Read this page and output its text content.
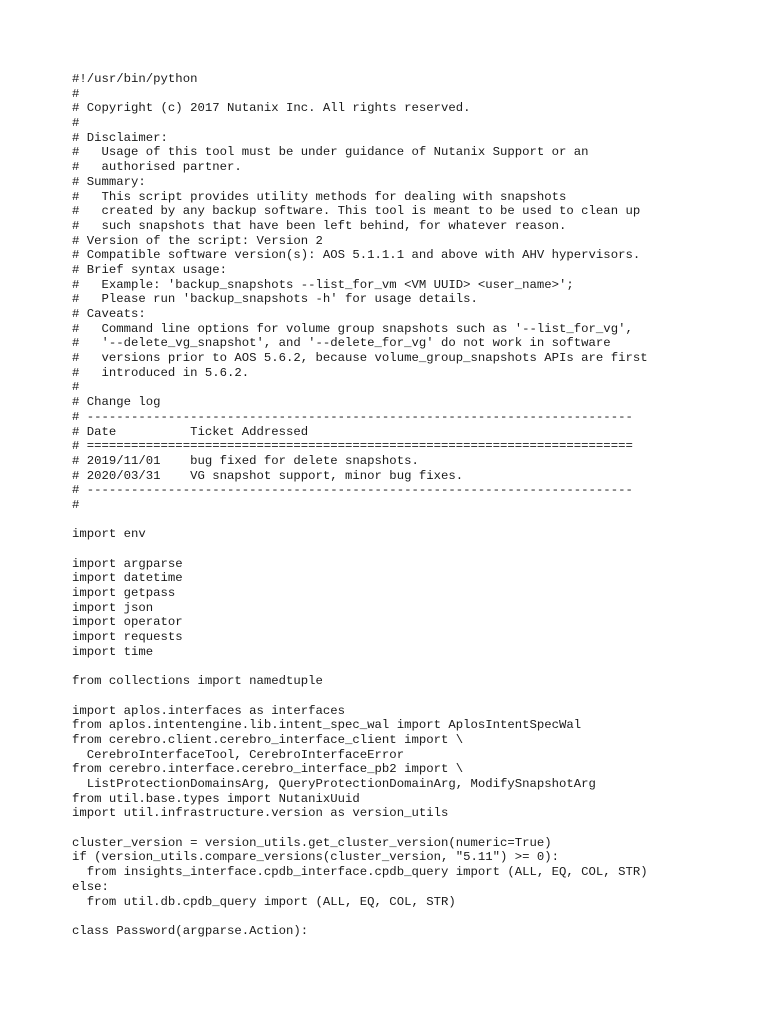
#!/usr/bin/python
#
# Copyright (c) 2017 Nutanix Inc. All rights reserved.
#
# Disclaimer:
#   Usage of this tool must be under guidance of Nutanix Support or an
#   authorised partner.
# Summary:
#   This script provides utility methods for dealing with snapshots
#   created by any backup software. This tool is meant to be used to clean up
#   such snapshots that have been left behind, for whatever reason.
# Version of the script: Version 2
# Compatible software version(s): AOS 5.1.1.1 and above with AHV hypervisors.
# Brief syntax usage:
#   Example: 'backup_snapshots --list_for_vm <VM UUID> <user_name>';
#   Please run 'backup_snapshots -h' for usage details.
# Caveats:
#   Command line options for volume group snapshots such as '--list_for_vg',
#   '--delete_vg_snapshot', and '--delete_for_vg' do not work in software
#   versions prior to AOS 5.6.2, because volume_group_snapshots APIs are first
#   introduced in 5.6.2.
#
# Change log
# --------------------------------------------------------------------------
# Date          Ticket Addressed
# ==========================================================================
# 2019/11/01    bug fixed for delete snapshots.
# 2020/03/31    VG snapshot support, minor bug fixes.
# --------------------------------------------------------------------------
#
import env
import argparse
import datetime
import getpass
import json
import operator
import requests
import time
from collections import namedtuple
import aplos.interfaces as interfaces
from aplos.intentengine.lib.intent_spec_wal import AplosIntentSpecWal
from cerebro.client.cerebro_interface_client import \
CerebroInterfaceTool, CerebroInterfaceError
from cerebro.interface.cerebro_interface_pb2 import \
ListProtectionDomainsArg, QueryProtectionDomainArg, ModifySnapshotArg
from util.base.types import NutanixUuid
import util.infrastructure.version as version_utils
cluster_version = version_utils.get_cluster_version(numeric=True)
if (version_utils.compare_versions(cluster_version, "5.11") >= 0):
from insights_interface.cpdb_interface.cpdb_query import (ALL, EQ, COL, STR)
else:
from util.db.cpdb_query import (ALL, EQ, COL, STR)
class Password(argparse.Action):
